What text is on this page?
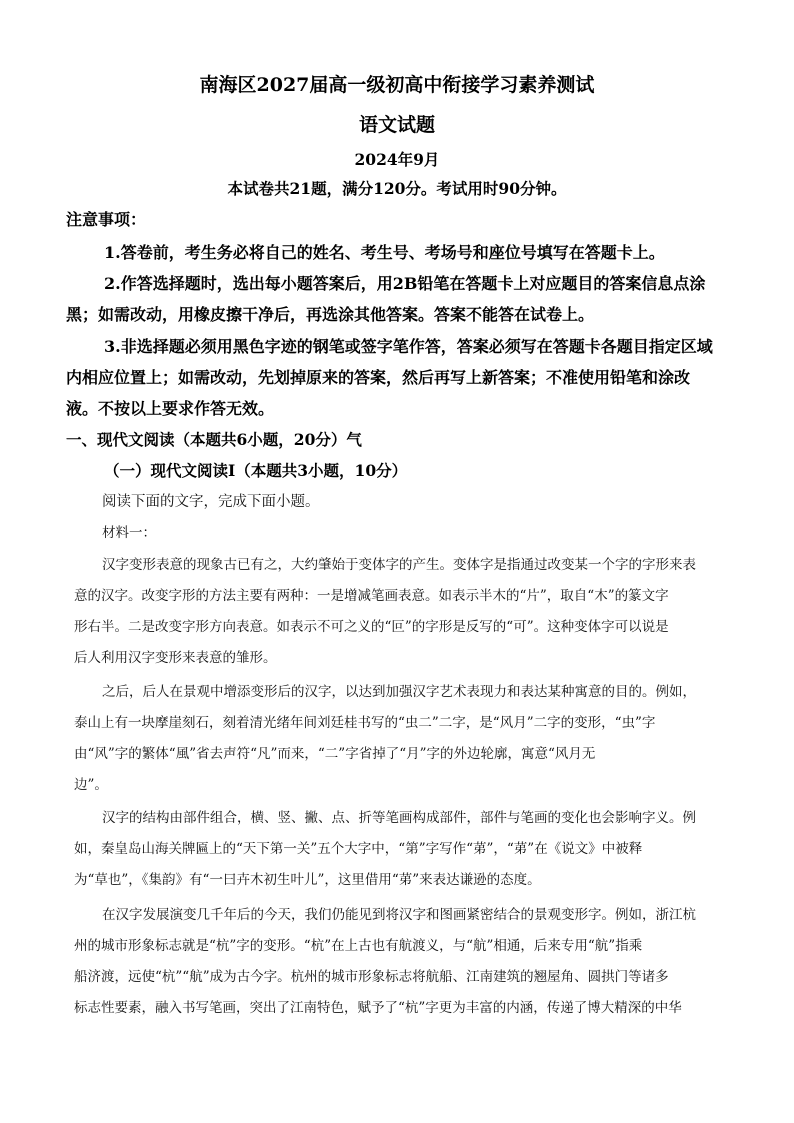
南海区2027届高一级初高中衔接学习素养测试
语文试题
2024年9月
本试卷共21题，满分120分。考试用时90分钟。
注意事项：
1.答卷前，考生务必将自己的姓名、考生号、考场号和座位号填写在答题卡上。
2.作答选择题时，选出每小题答案后，用2B铅笔在答题卡上对应题目的答案信息点涂
黑；如需改动，用橡皮擦干净后，再选涂其他答案。答案不能答在试卷上。
3.非选择题必须用黑色字迹的钢笔或签字笔作答，答案必须写在答题卡各题目指定区域
内相应位置上；如需改动，先划掉原来的答案，然后再写上新答案；不准使用铅笔和涂改
液。不按以上要求作答无效。
一、现代文阅读（本题共6小题，20分）气
（一）现代文阅读Ⅰ（本题共3小题，10分）
阅读下面的文字，完成下面小题。
材料一：
汉字变形表意的现象古已有之，大约肇始于变体字的产生。变体字是指通过改变某一个字的字形来表
意的汉字。改变字形的方法主要有两种：一是增减笔画表意。如表示半木的“片”，取自“木”的篆文字
形右半。二是改变字形方向表意。如表示不可之义的“叵”的字形是反写的“可”。这种变体字可以说是
后人利用汉字变形来表意的雏形。
之后，后人在景观中增添变形后的汉字，以达到加强汉字艺术表现力和表达某种寓意的目的。例如，
泰山上有一块摩崖刻石，刻着清光绪年间刘廷桂书写的“虫二”二字，是“风月”二字的变形，“虫”字
由“风”字的繁体“風”省去声符“凡”而来，“二”字省掉了“月”字的外边轮廓，寓意“风月无
边”。
汉字的结构由部件组合，横、竖、撇、点、折等笔画构成部件，部件与笔画的变化也会影响字义。例
如，秦皇岛山海关牌匾上的“天下第一关”五个大字中，“第”字写作“苐”，“苐”在《说文》中被释
为“草也”，《集韵》有“一曰卉木初生叶儿”，这里借用“苐”来表达谦逊的态度。
在汉字发展演变几千年后的今天，我们仍能见到将汉字和图画紧密结合的景观变形字。例如，浙江杭
州的城市形象标志就是“杭”字的变形。“杭”在上古也有航渡义，与“航”相通，后来专用“航”指乘
船济渡，远使“杭”“航”成为古今字。杭州的城市形象标志将航船、江南建筑的翘屋角、圆拱门等诸多
标志性要素，融入书写笔画，突出了江南特色，赋予了“杭”字更为丰富的内涵，传递了博大精深的中华
